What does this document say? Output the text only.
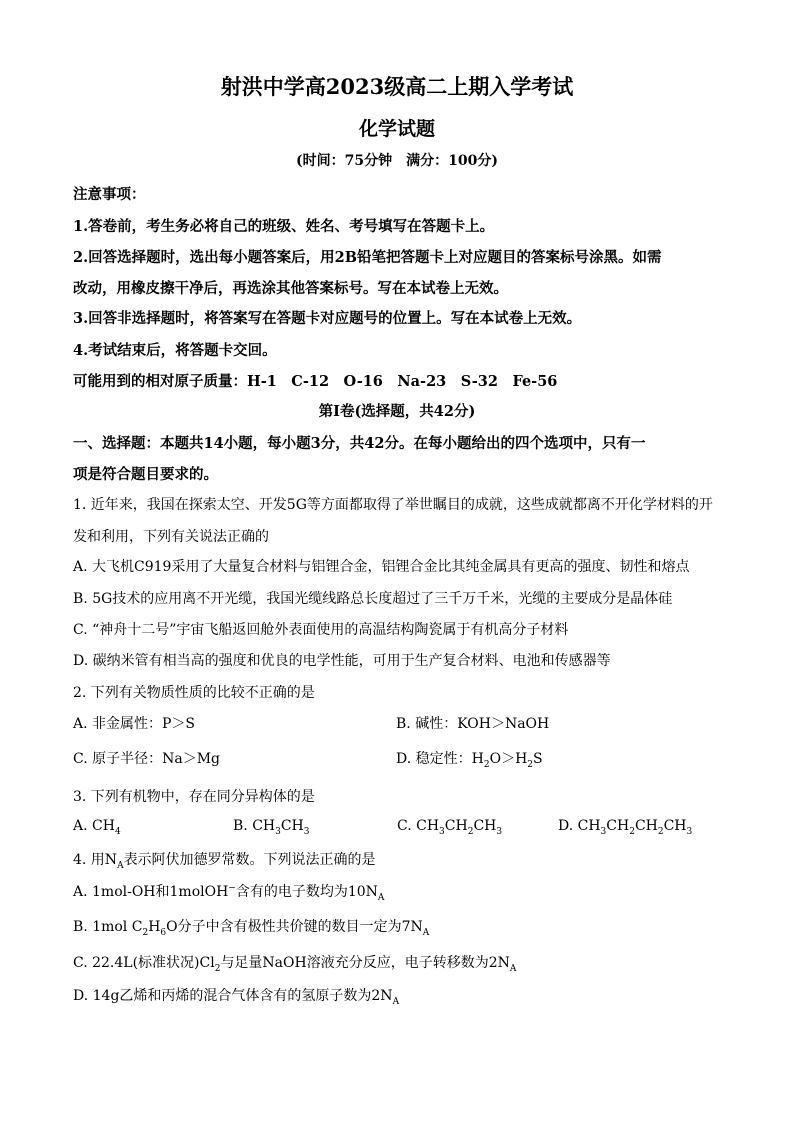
射洪中学高2023级高二上期入学考试
化学试题
(时间：75分钟　满分：100分)
注意事项：
1.答卷前，考生务必将自己的班级、姓名、考号填写在答题卡上。
2.回答选择题时，选出每小题答案后，用2B铅笔把答题卡上对应题目的答案标号涂黑。如需
改动，用橡皮擦干净后，再选涂其他答案标号。写在本试卷上无效。
3.回答非选择题时，将答案写在答题卡对应题号的位置上。写在本试卷上无效。
4.考试结束后，将答题卡交回。
可能用到的相对原子质量：H-1　C-12　O-16　Na-23　S-32　Fe-56
第Ⅰ卷(选择题，共42分)
一、选择题：本题共14小题，每小题3分，共42分。在每小题给出的四个选项中，只有一
项是符合题目要求的。
1. 近年来，我国在探索太空、开发5G等方面都取得了举世瞩目的成就，这些成就都离不开化学材料的开
发和利用，下列有关说法正确的
A. 大飞机C919采用了大量复合材料与铝锂合金，铝锂合金比其纯金属具有更高的强度、韧性和熔点
B. 5G技术的应用离不开光缆，我国光缆线路总长度超过了三千万千米，光缆的主要成分是晶体硅
C. “神舟十二号”宇宙飞船返回舱外表面使用的高温结构陶瓷属于有机高分子材料
D. 碳纳米管有相当高的强度和优良的电学性能，可用于生产复合材料、电池和传感器等
2. 下列有关物质性质的比较不正确的是
A. 非金属性：P＞S	B. 碱性：KOH＞NaOH
C. 原子半径：Na＞Mg	D. 稳定性：$H_2O>H_2S$
3. 下列有机物中，存在同分异构体的是
A. $CH_4$	B. $CH_3CH_3$	C. $CH_3CH_2CH_3$	D. $CH_3CH_2CH_2CH_3$
4. 用$N_A$表示阿伏加德罗常数。下列说法正确的是
A. 1mol-OH和1molOH−含有的电子数均为$10N_A$
B. 1mol $C_2H_6O$分子中含有极性共价键的数目一定为$7N_A$
C. 22.4L(标准状况)$Cl_2$与足量NaOH溶液充分反应，电子转移数为$2N_A$
D. 14g乙烯和丙烯的混合气体含有的氢原子数为$2N_A$
